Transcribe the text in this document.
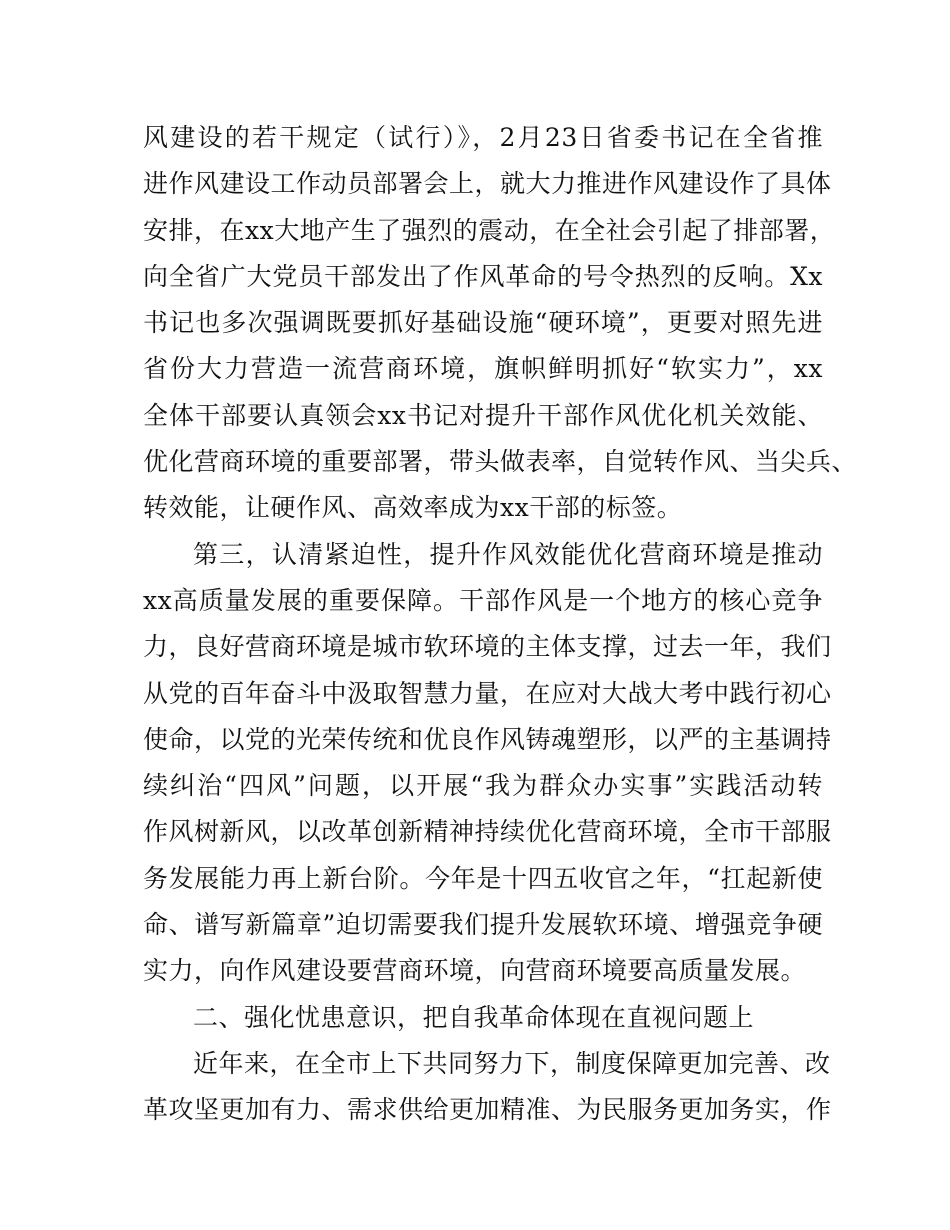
风建设的若干规定（试行）》，2月23日省委书记在全省推
进作风建设工作动员部署会上，就大力推进作风建设作了具体
安排，在xx大地产生了强烈的震动，在全社会引起了排部署，
向全省广大党员干部发出了作风革命的号令热烈的反响。Xx
书记也多次强调既要抓好基础设施“硬环境”，更要对照先进
省份大力营造一流营商环境，旗帜鲜明抓好“软实力”，xx
全体干部要认真领会xx书记对提升干部作风优化机关效能、
优化营商环境的重要部署，带头做表率，自觉转作风、当尖兵、
转效能，让硬作风、高效率成为xx干部的标签。
第三，认清紧迫性，提升作风效能优化营商环境是推动
xx高质量发展的重要保障。干部作风是一个地方的核心竞争
力，良好营商环境是城市软环境的主体支撑，过去一年，我们
从党的百年奋斗中汲取智慧力量，在应对大战大考中践行初心
使命，以党的光荣传统和优良作风铸魂塑形，以严的主基调持
续纠治“四风”问题，以开展“我为群众办实事”实践活动转
作风树新风，以改革创新精神持续优化营商环境，全市干部服
务发展能力再上新台阶。今年是十四五收官之年，“扛起新使
命、谱写新篇章”迫切需要我们提升发展软环境、增强竞争硬
实力，向作风建设要营商环境，向营商环境要高质量发展。
二、强化忧患意识，把自我革命体现在直视问题上
近年来，在全市上下共同努力下，制度保障更加完善、改
革攻坚更加有力、需求供给更加精准、为民服务更加务实，作
